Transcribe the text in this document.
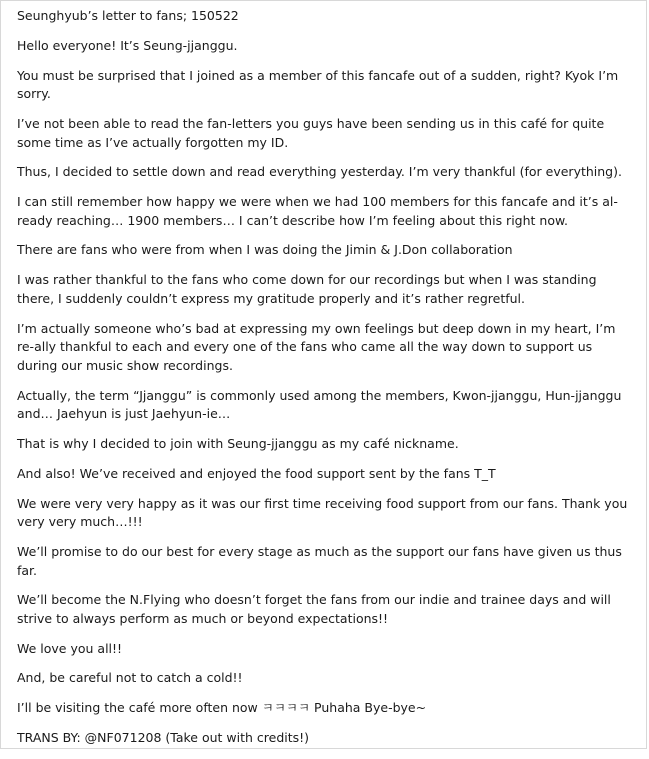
Seunghyub’s letter to fans; 150522

Hello everyone! It’s Seung-jjanggu.

You must be surprised that I joined as a member of this fancafe out of a sudden, right? Kyok I’m sorry.

I’ve not been able to read the fan-letters you guys have been sending us in this café for quite some time as I’ve actually forgotten my ID.

Thus, I decided to settle down and read everything yesterday. I’m very thankful (for everything).

I can still remember how happy we were when we had 100 members for this fancafe and it’s al-ready reaching… 1900 members… I can’t describe how I’m feeling about this right now.

There are fans who were from when I was doing the Jimin & J.Don collaboration

I was rather thankful to the fans who come down for our recordings but when I was standing there, I suddenly couldn’t express my gratitude properly and it’s rather regretful.

I’m actually someone who’s bad at expressing my own feelings but deep down in my heart, I’m re-ally thankful to each and every one of the fans who came all the way down to support us during our music show recordings.

Actually, the term “Jjanggu” is commonly used among the members, Kwon-jjanggu, Hun-jjanggu and… Jaehyun is just Jaehyun-ie…

That is why I decided to join with Seung-jjanggu as my café nickname.

And also! We’ve received and enjoyed the food support sent by the fans T_T

We were very very happy as it was our first time receiving food support from our fans. Thank you very very much…!!!

We’ll promise to do our best for every stage as much as the support our fans have given us thus far.

We’ll become the N.Flying who doesn’t forget the fans from our indie and trainee days and will strive to always perform as much or beyond expectations!!

We love you all!!

And, be careful not to catch a cold!!

I’ll be visiting the café more often now ㅋㅋㅋㅋ Puhaha Bye-bye~

TRANS BY: @NF071208 (Take out with credits!)
